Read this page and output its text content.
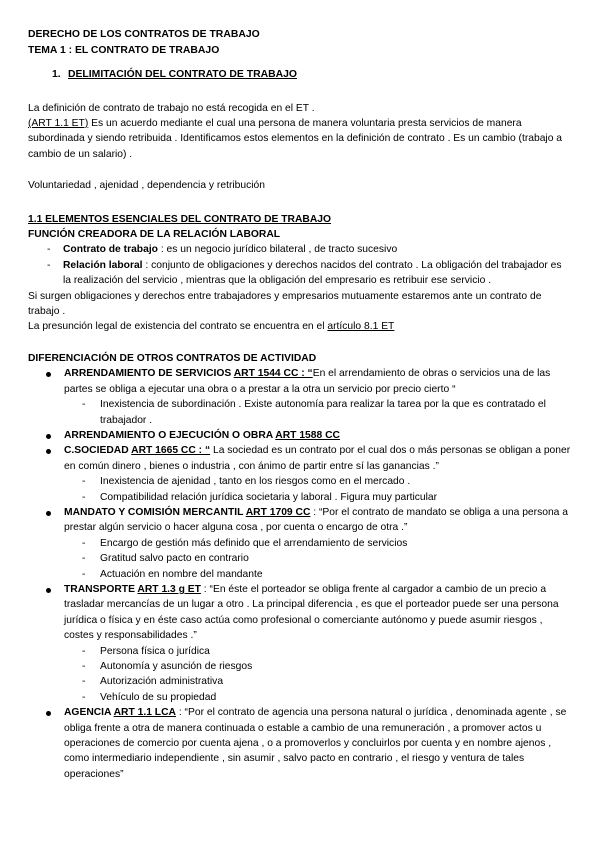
DERECHO DE LOS CONTRATOS DE TRABAJO
TEMA 1 : EL CONTRATO DE TRABAJO
1. DELIMITACIÓN DEL CONTRATO DE TRABAJO

La definición de contrato de trabajo no está recogida en el ET .

(ART 1.1 ET) Es un acuerdo mediante el cual una persona de manera voluntaria presta servicios de manera subordinada y siendo retribuida . Identificamos estos elementos en la definición de contrato . Es un cambio (trabajo a cambio de un salario) .

Voluntariedad , ajenidad , dependencia y retribución

1.1 ELEMENTOS ESENCIALES DEL CONTRATO DE TRABAJO
FUNCIÓN CREADORA DE LA RELACIÓN LABORAL
- Contrato de trabajo : es un negocio jurídico bilateral , de tracto sucesivo
- Relación laboral : conjunto de obligaciones y derechos nacidos del contrato . La obligación del trabajador es la realización del servicio , mientras que la obligación del empresario es retribuir ese servicio .

Si surgen obligaciones y derechos entre trabajadores y empresarios mutuamente estaremos ante un contrato de trabajo .

La presunción legal de existencia del contrato se encuentra en el artículo 8.1 ET

DIFERENCIACIÓN DE OTROS CONTRATOS DE ACTIVIDAD
ARRENDAMIENTO DE SERVICIOS ART 1544 CC : “En el arrendamiento de obras o servicios una de las partes se obliga a ejecutar una obra o a prestar a la otra un servicio por precio cierto “
- Inexistencia de subordinación . Existe autonomía para realizar la tarea por la que es contratado el trabajador .
ARRENDAMIENTO O EJECUCIÓN O OBRA ART 1588 CC
C.SOCIEDAD ART 1665 CC : “ La sociedad es un contrato por el cual dos o más personas se obligan a poner en común dinero , bienes o industria , con ánimo de partir entre sí las ganancias .”
- Inexistencia de ajenidad , tanto en los riesgos como en el mercado .
- Compatibilidad relación jurídica societaria y laboral . Figura muy particular
MANDATO Y COMISIÓN MERCANTIL ART 1709 CC : “Por el contrato de mandato se obliga a una persona a prestar algún servicio o hacer alguna cosa , por cuenta o encargo de otra .”
- Encargo de gestión más definido que el arrendamiento de servicios
- Gratitud salvo pacto en contrario
- Actuación en nombre del mandante
TRANSPORTE ART 1.3 g ET : “En éste el porteador se obliga frente al cargador a cambio de un precio a trasladar mercancías de un lugar a otro . La principal diferencia , es que el porteador puede ser una persona jurídica o física y en éste caso actúa como profesional o comerciante autónomo y puede asumir riesgos , costes y responsabilidades .”
- Persona física o jurídica
- Autonomía y asunción de riesgos
- Autorización administrativa
- Vehículo de su propiedad
AGENCIA ART 1.1 LCA : “Por el contrato de agencia una persona natural o jurídica , denominada agente , se obliga frente a otra de manera continuada o estable a cambio de una remuneración , a promover actos u operaciones de comercio por cuenta ajena , o a promoverlos y concluirlos por cuenta y en nombre ajenos , como intermediario independiente , sin asumir , salvo pacto en contrario , el riesgo y ventura de tales operaciones”
